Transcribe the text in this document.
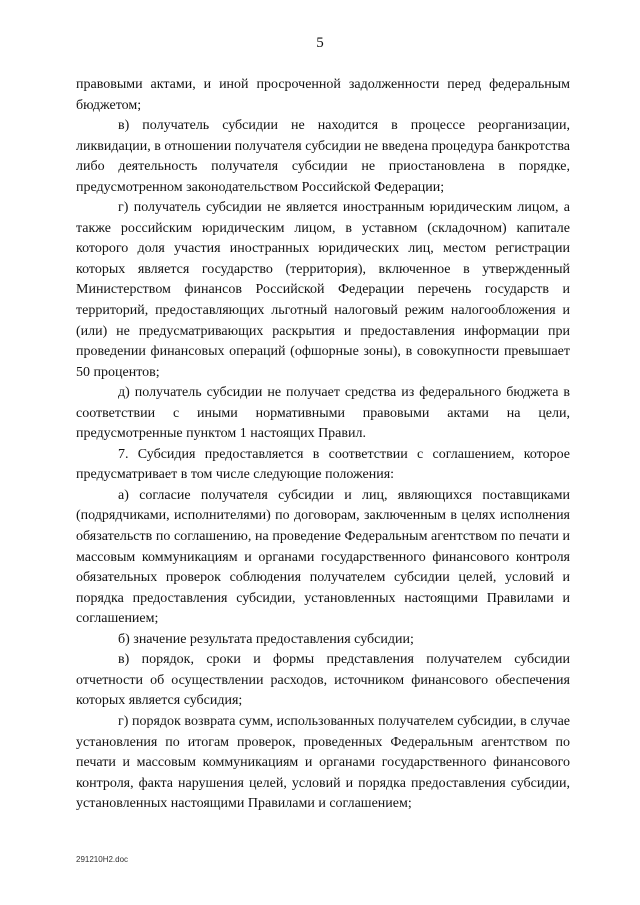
5

правовыми актами, и иной просроченной задолженности перед федеральным бюджетом;

в) получатель субсидии не находится в процессе реорганизации, ликвидации, в отношении получателя субсидии не введена процедура банкротства либо деятельность получателя субсидии не приостановлена в порядке, предусмотренном законодательством Российской Федерации;

г) получатель субсидии не является иностранным юридическим лицом, а также российским юридическим лицом, в уставном (складочном) капитале которого доля участия иностранных юридических лиц, местом регистрации которых является государство (территория), включенное в утвержденный Министерством финансов Российской Федерации перечень государств и территорий, предоставляющих льготный налоговый режим налогообложения и (или) не предусматривающих раскрытия и предоставления информации при проведении финансовых операций (офшорные зоны), в совокупности превышает 50 процентов;

д) получатель субсидии не получает средства из федерального бюджета в соответствии с иными нормативными правовыми актами на цели, предусмотренные пунктом 1 настоящих Правил.

7. Субсидия предоставляется в соответствии с соглашением, которое предусматривает в том числе следующие положения:

а) согласие получателя субсидии и лиц, являющихся поставщиками (подрядчиками, исполнителями) по договорам, заключенным в целях исполнения обязательств по соглашению, на проведение Федеральным агентством по печати и массовым коммуникациям и органами государственного финансового контроля обязательных проверок соблюдения получателем субсидии целей, условий и порядка предоставления субсидии, установленных настоящими Правилами и соглашением;

б) значение результата предоставления субсидии;

в) порядок, сроки и формы представления получателем субсидии отчетности об осуществлении расходов, источником финансового обеспечения которых является субсидия;

г) порядок возврата сумм, использованных получателем субсидии, в случае установления по итогам проверок, проведенных Федеральным агентством по печати и массовым коммуникациям и органами государственного финансового контроля, факта нарушения целей, условий и порядка предоставления субсидии, установленных настоящими Правилами и соглашением;

291210H2.doc
